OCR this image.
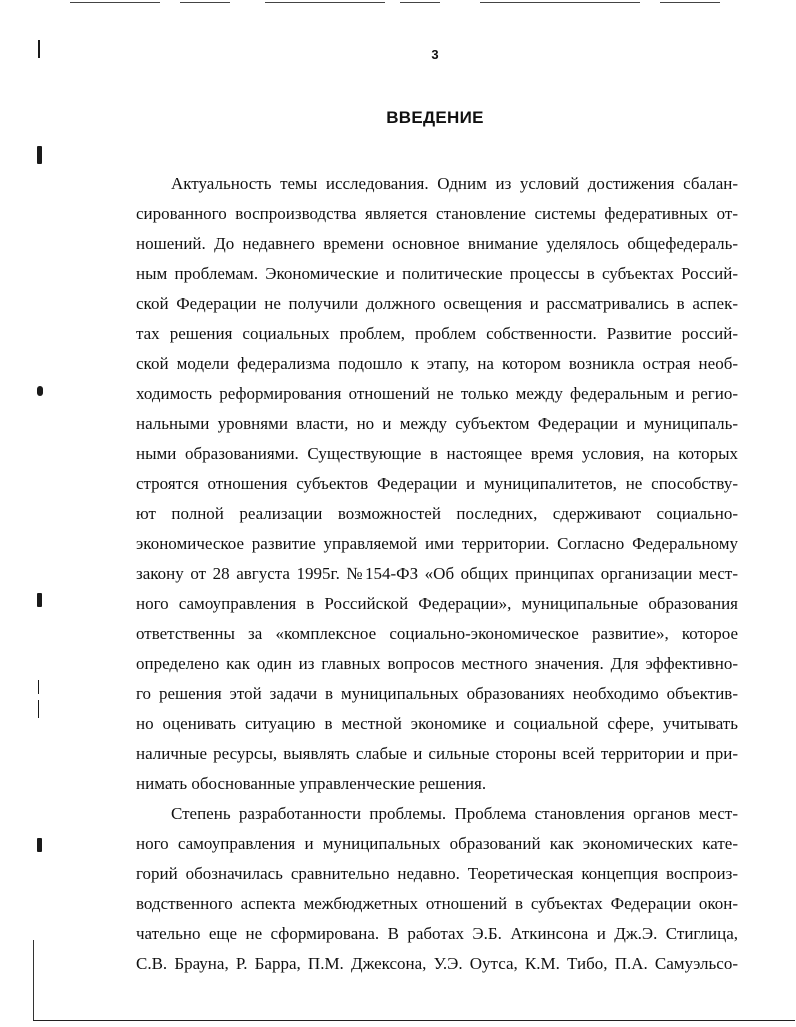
3
ВВЕДЕНИЕ
Актуальность темы исследования. Одним из условий достижения сбалан-
сированного воспроизводства является становление системы федеративных от-
ношений. До недавнего времени основное внимание уделялось общефедераль-
ным проблемам. Экономические и политические процессы в субъектах Россий-
ской Федерации не получили должного освещения и рассматривались в аспек-
тах решения социальных проблем, проблем собственности. Развитие россий-
ской модели федерализма подошло к этапу, на котором возникла острая необ-
ходимость реформирования отношений не только между федеральным и регио-
нальными уровнями власти, но и между субъектом Федерации и муниципаль-
ными образованиями. Существующие в настоящее время условия, на которых
строятся отношения субъектов Федерации и муниципалитетов, не способству-
ют полной реализации возможностей последних, сдерживают социально-
экономическое развитие управляемой ими территории. Согласно Федеральному
закону от 28 августа 1995г. №154-ФЗ «Об общих принципах организации мест-
ного самоуправления в Российской Федерации», муниципальные образования
ответственны за «комплексное социально-экономическое развитие», которое
определено как один из главных вопросов местного значения. Для эффективно-
го решения этой задачи в муниципальных образованиях необходимо объектив-
но оценивать ситуацию в местной экономике и социальной сфере, учитывать
наличные ресурсы, выявлять слабые и сильные стороны всей территории и при-
нимать обоснованные управленческие решения.
Степень разработанности проблемы. Проблема становления органов мест-
ного самоуправления и муниципальных образований как экономических кате-
горий обозначилась сравнительно недавно. Теоретическая концепция воспроиз-
водственного аспекта межбюджетных отношений в субъектах Федерации окон-
чательно еще не сформирована. В работах Э.Б. Аткинсона и Дж.Э. Стиглица,
С.В. Брауна, Р. Барра, П.М. Джексона, У.Э. Оутса, К.М. Тибо, П.А. Самуэльсо-
